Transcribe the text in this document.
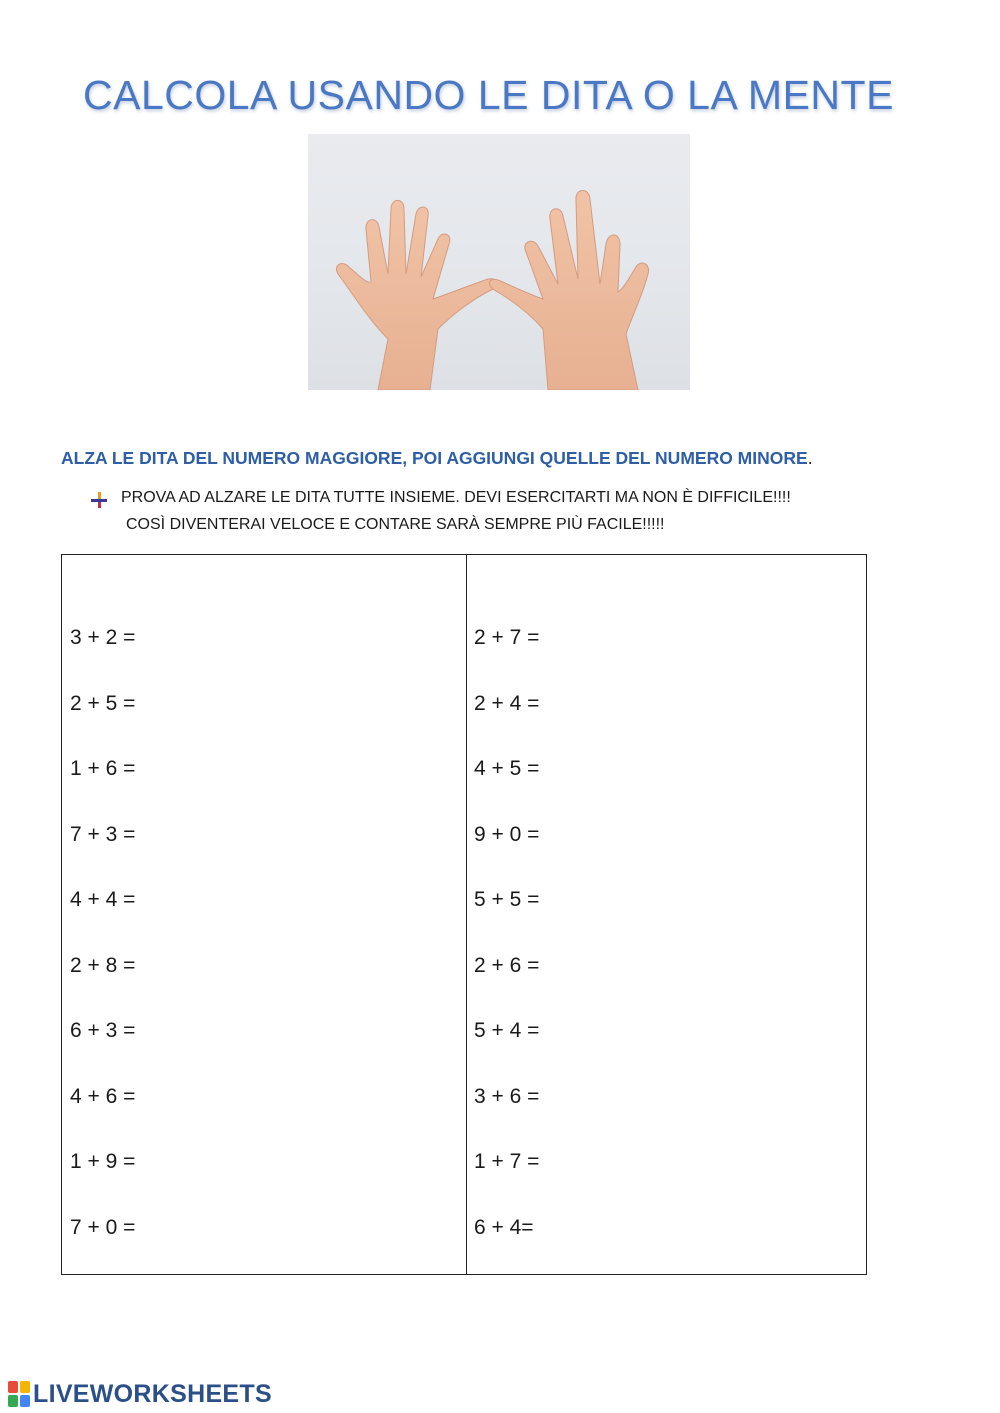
CALCOLA USANDO LE DITA O LA MENTE
ALZA LE DITA DEL NUMERO MAGGIORE, POI AGGIUNGI QUELLE DEL NUMERO MINORE.
PROVA AD ALZARE LE DITA TUTTE INSIEME. DEVI ESERCITARTI MA NON È DIFFICILE!!!!
COSÌ DIVENTERAI VELOCE E CONTARE SARÀ SEMPRE PIÙ FACILE!!!!!
3 + 2 =
2 + 5 =
1 + 6 =
7 + 3 =
4 + 4 =
2 + 8 =
6 + 3 =
4 + 6 =
1 + 9 =
7 + 0 =
2 + 7 =
2 + 4 =
4 + 5 =
9 + 0 =
5 + 5 =
2 + 6 =
5 + 4 =
3 + 6 =
1 + 7 =
6 + 4=
LIVEWORKSHEETS
